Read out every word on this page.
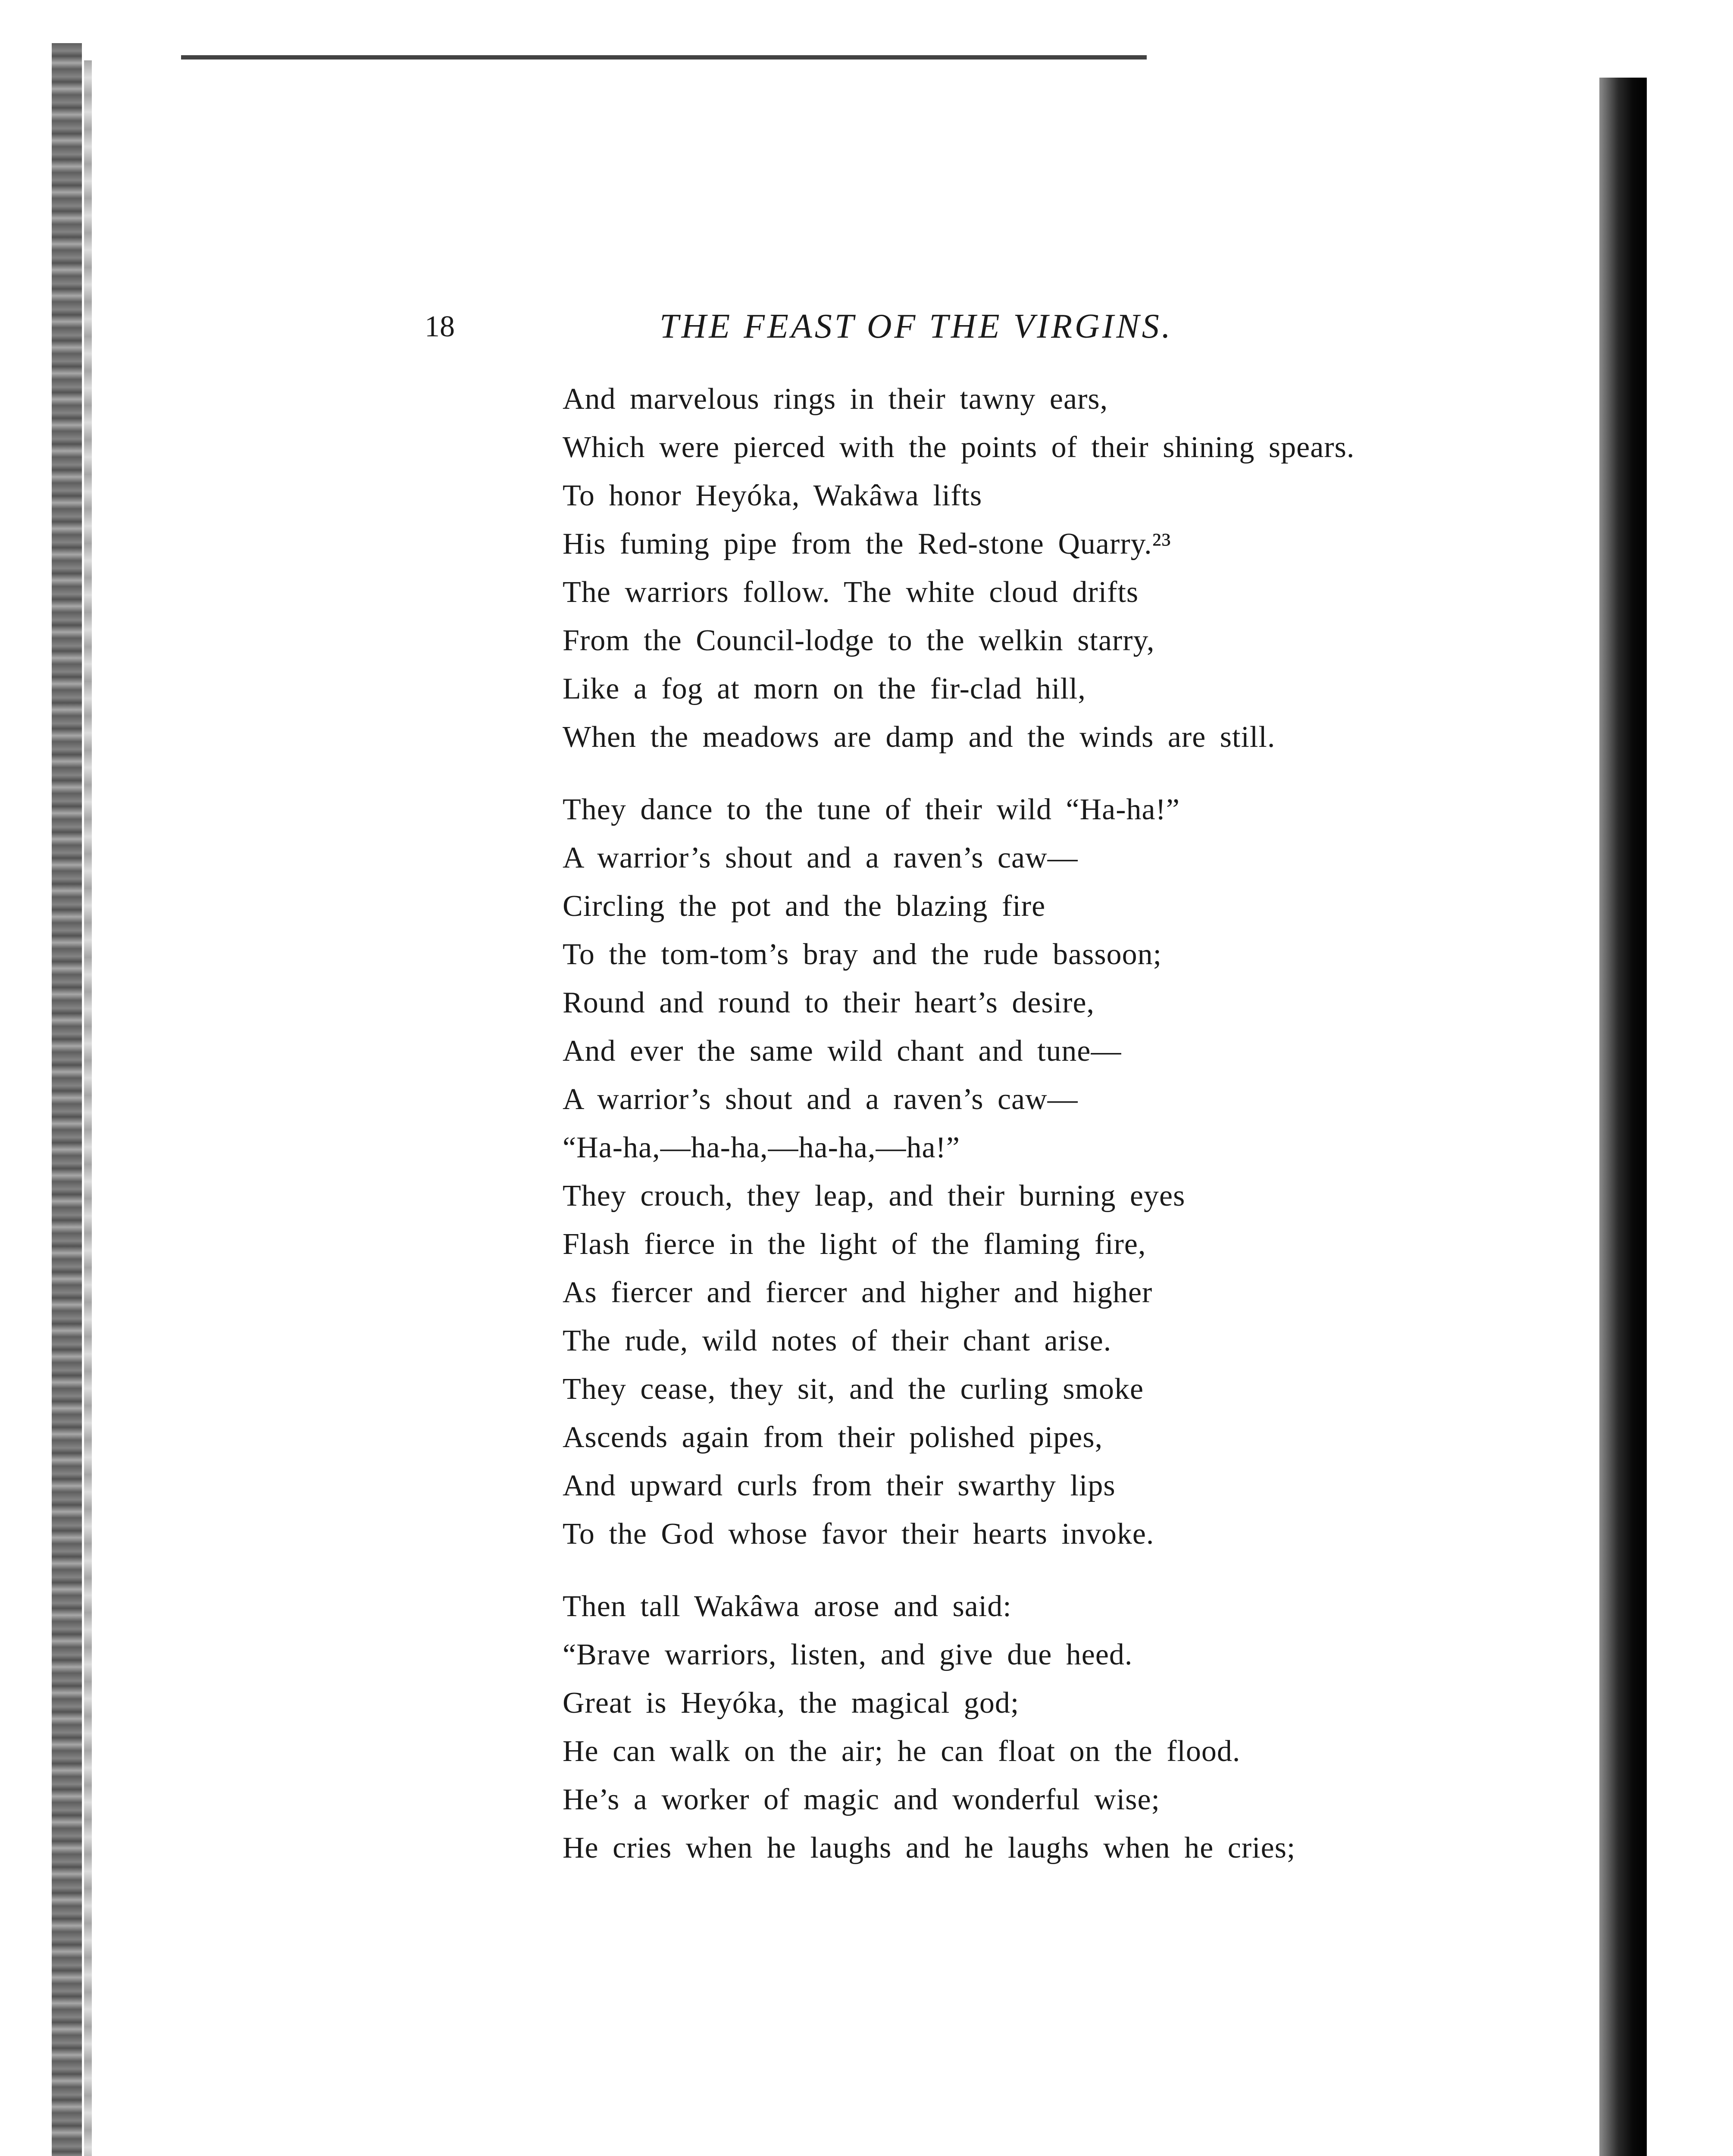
18	THE FEAST OF THE VIRGINS.
And marvelous rings in their tawny ears,
Which were pierced with the points of their shining spears.
To honor Heyóka, Wakâwa lifts
His fuming pipe from the Red-stone Quarry.²³
The warriors follow. The white cloud drifts
From the Council-lodge to the welkin starry,
Like a fog at morn on the fir-clad hill,
When the meadows are damp and the winds are still.
They dance to the tune of their wild “Ha-ha!”
A warrior’s shout and a raven’s caw—
Circling the pot and the blazing fire
To the tom-tom’s bray and the rude bassoon;
Round and round to their heart’s desire,
And ever the same wild chant and tune—
A warrior’s shout and a raven’s caw—
“Ha-ha,—ha-ha,—ha-ha,—ha!”
They crouch, they leap, and their burning eyes
Flash fierce in the light of the flaming fire,
As fiercer and fiercer and higher and higher
The rude, wild notes of their chant arise.
They cease, they sit, and the curling smoke
Ascends again from their polished pipes,
And upward curls from their swarthy lips
To the God whose favor their hearts invoke.
Then tall Wakâwa arose and said:
“Brave warriors, listen, and give due heed.
Great is Heyóka, the magical god;
He can walk on the air; he can float on the flood.
He’s a worker of magic and wonderful wise;
He cries when he laughs and he laughs when he cries;
